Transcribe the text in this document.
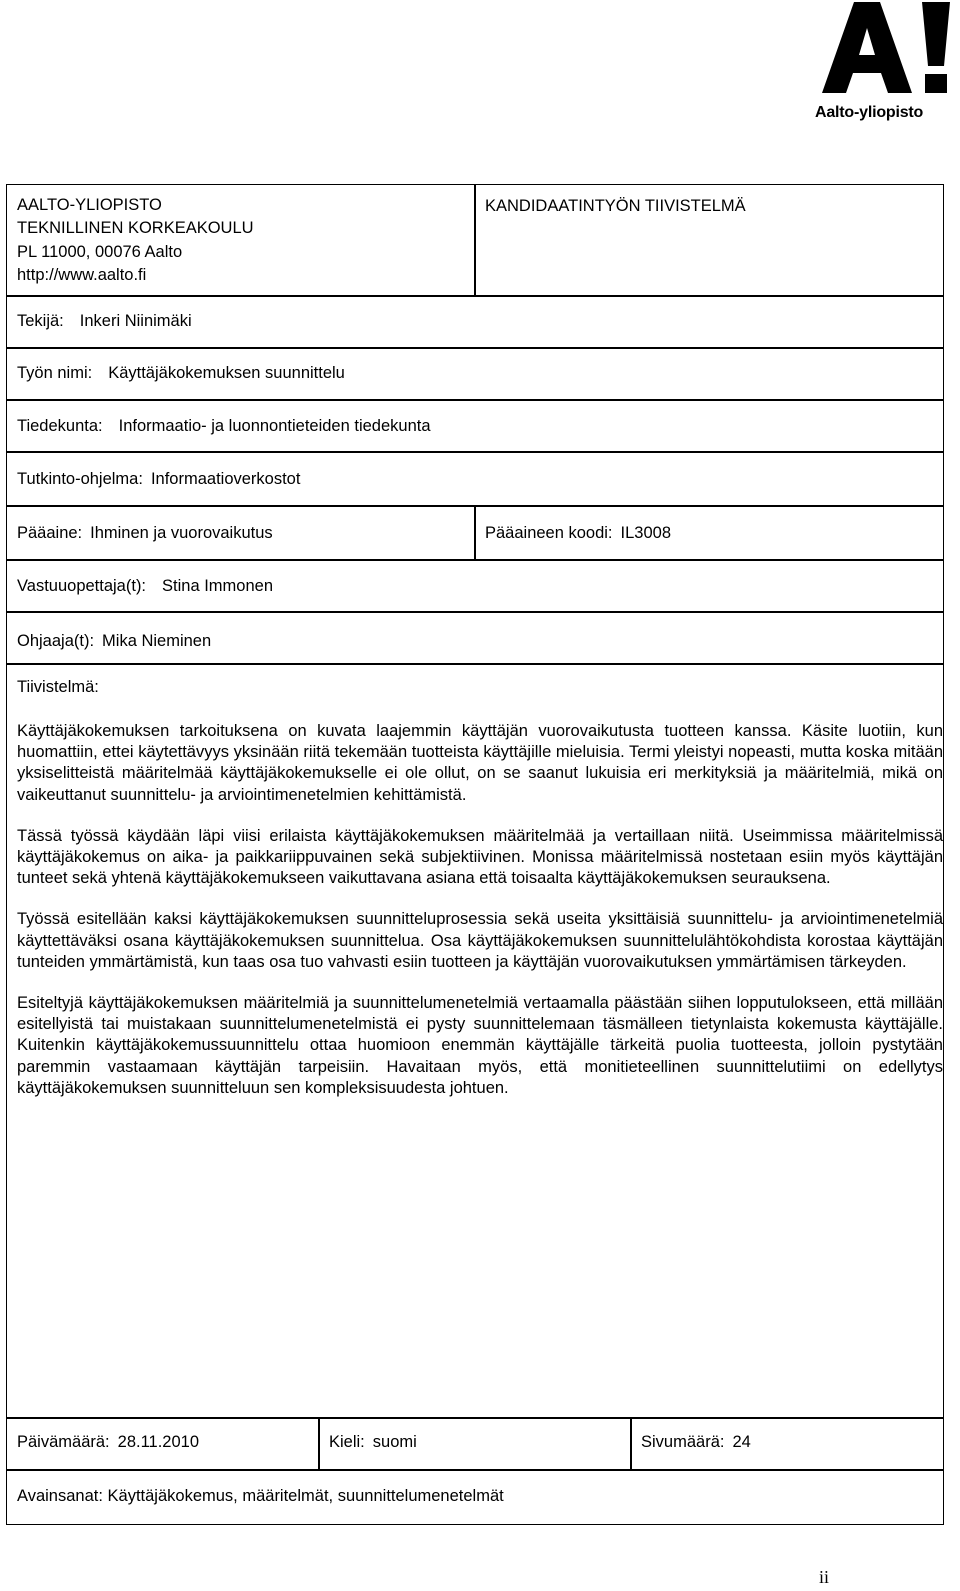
Aalto-yliopisto
AALTO-YLIOPISTO
TEKNILLINEN KORKEAKOULU
PL 11000, 00076 Aalto
http://www.aalto.fi
KANDIDAATINTYÖN TIIVISTELMÄ
Tekijä: Inkeri Niinimäki
Työn nimi: Käyttäjäkokemuksen suunnittelu
Tiedekunta: Informaatio- ja luonnontieteiden tiedekunta
Tutkinto-ohjelma: Informaatioverkostot
Pääaine: Ihminen ja vuorovaikutus	Pääaineen koodi: IL3008
Vastuuopettaja(t): Stina Immonen
Ohjaaja(t): Mika Nieminen
Tiivistelmä:

Käyttäjäkokemuksen tarkoituksena on kuvata laajemmin käyttäjän vuorovaikutusta tuotteen kanssa. Käsite luotiin, kun huomattiin, ettei käytettävyys yksinään riitä tekemään tuotteista käyttäjille mieluisia. Termi yleistyi nopeasti, mutta koska mitään yksiselitteistä määritelmää käyttäjäkokemukselle ei ole ollut, on se saanut lukuisia eri merkityksiä ja määritelmiä, mikä on vaikeuttanut suunnittelu- ja arviointimenetelmien kehittämistä.

Tässä työssä käydään läpi viisi erilaista käyttäjäkokemuksen määritelmää ja vertaillaan niitä. Useimmissa määritelmissä käyttäjäkokemus on aika- ja paikkariippuvainen sekä subjektiivinen. Monissa määritelmissä nostetaan esiin myös käyttäjän tunteet sekä yhtenä käyttäjäkokemukseen vaikuttavana asiana että toisaalta käyttäjäkokemuksen seurauksena.

Työssä esitellään kaksi käyttäjäkokemuksen suunnitteluprosessia sekä useita yksittäisiä suunnittelu- ja arviointimenetelmiä käyttettäväksi osana käyttäjäkokemuksen suunnittelua. Osa käyttäjäkokemuksen suunnittelulähtökohdista korostaa käyttäjän tunteiden ymmärtämistä, kun taas osa tuo vahvasti esiin tuotteen ja käyttäjän vuorovaikutuksen ymmärtämisen tärkeyden.

Esiteltyjä käyttäjäkokemuksen määritelmiä ja suunnittelumenetelmiä vertaamalla päästään siihen lopputulokseen, että millään esitellyistä tai muistakaan suunnittelumenetelmistä ei pysty suunnittelemaan täsmälleen tietynlaista kokemusta käyttäjälle. Kuitenkin käyttäjäkokemussuunnittelu ottaa huomioon enemmän käyttäjälle tärkeitä puolia tuotteesta, jolloin pystytään paremmin vastaamaan käyttäjän tarpeisiin. Havaitaan myös, että monitieteellinen suunnittelutiimi on edellytys käyttäjäkokemuksen suunnitteluun sen kompleksisuudesta johtuen.

Päivämäärä: 28.11.2010	Kieli: suomi	Sivumäärä: 24
Avainsanat: Käyttäjäkokemus, määritelmät, suunnittelumenetelmät
ii
